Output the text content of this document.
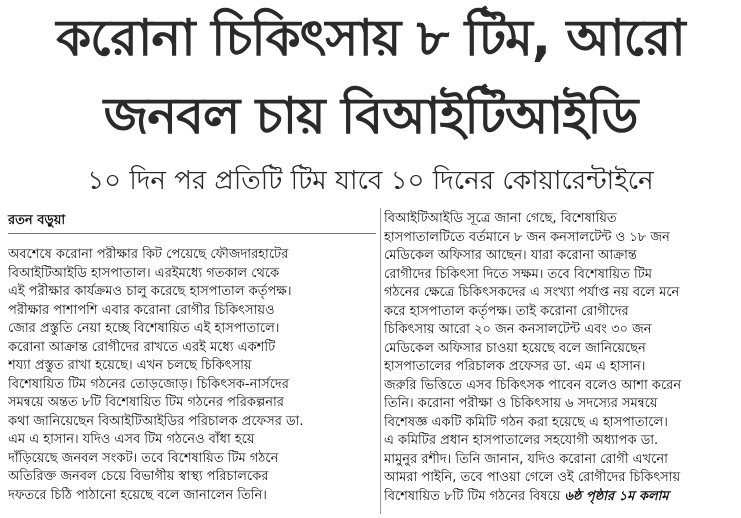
করোনা চিকিৎসায় ৮ টিম, আরো
জনবল চায় বিআইটিআইডি
১০ দিন পর প্রতিটি টিম যাবে ১০ দিনের কোয়ারেন্টাইনে
রতন বড়ুয়া
অবশেষে করোনা পরীক্ষার কিট পেয়েছে ফৌজদারহাটের
বিআইটিআইডি হাসপাতাল। এরইমধ্যে গতকাল থেকে
এই পরীক্ষার কার্যক্রমও চালু করেছে হাসপাতাল কর্তৃপক্ষ।
পরীক্ষার পাশাপশি এবার করোনা রোগীর চিকিৎসায়ও
জোর প্রস্তুতি নেয়া হচ্ছে বিশেষায়িত এই হাসপাতালে।
করোনা আক্রান্ত রোগীদের রাখতে এরই মধ্যে একশটি
শয্যা প্রস্তুত রাখা হয়েছে। এখন চলছে চিকিৎসায়
বিশেষায়িত টিম গঠনের তোড়জোড়। চিকিৎসক-নার্সদের
সমন্বয়ে অন্তত ৮টি বিশেষায়িত টিম গঠনের পরিকল্পনার
কথা জানিয়েছেন বিআইটিআইডির পরিচালক প্রফেসর ডা.
এম এ হাসান। যদিও এসব টিম গঠনেও বাঁধা হয়ে
দাঁড়িয়েছে জনবল সংকট। তবে বিশেষায়িত টিম গঠনে
অতিরিক্ত জনবল চেয়ে বিভাগীয় স্বাস্থ্য পরিচালকের
দফতরে চিঠি পাঠানো হয়েছে বলে জানালেন তিনি।
বিআইটিআইডি সূত্রে জানা গেছে, বিশেষায়িত
হাসপাতালটিতে বর্তমানে ৮ জন কনসালটেন্ট ও ১৮ জন
মেডিকেল অফিসার আছেন। যারা করোনা আক্রান্ত
রোগীদের চিকিৎসা দিতে সক্ষম। তবে বিশেষায়িত টিম
গঠনের ক্ষেত্রে চিকিৎসকদের এ সংখ্যা পর্যাপ্ত নয় বলে মনে
করে হাসপাতাল কর্তৃপক্ষ। তাই করোনা রোগীদের
চিকিৎসায় আরো ২০ জন কনসালটেন্ট এবং ৩০ জন
মেডিকেল অফিসার চাওয়া হয়েছে বলে জানিয়েছেন
হাসপাতালের পরিচালক প্রফেসর ডা. এম এ হাসান।
জরুরি ভিত্তিতে এসব চিকিৎসক পাবেন বলেও আশা করেন
তিনি। করোনা পরীক্ষা ও চিকিৎসায় ৬ সদস্যের সমন্বয়ে
বিশেষজ্ঞ একটি কমিটি গঠন করা হয়েছে এ হাসপাতালে।
এ কমিটির প্রধান হাসপাতালের সহযোগী অধ্যাপক ডা.
মামুনুর রশীদ। তিনি জানান, যদিও করোনা রোগী এখনো
আমরা পাইনি, তবে পাওয়া গেলে ওই রোগীদের চিকিৎসায়
বিশেষায়িত ৮টি টিম গঠনের বিষয়ে ৬ষ্ঠ পৃষ্ঠার ১ম কলাম
